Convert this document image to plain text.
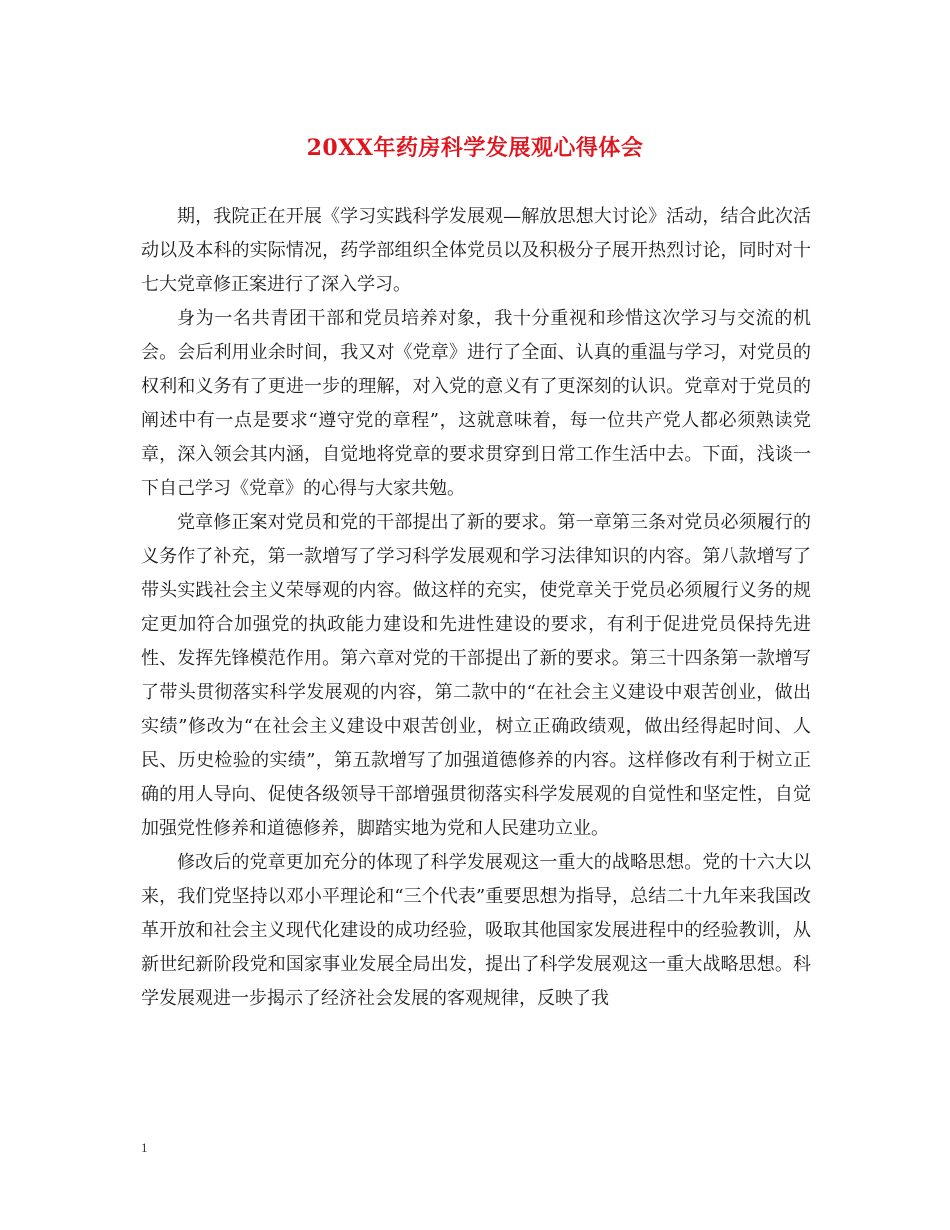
20XX年药房科学发展观心得体会

期，我院正在开展《学习实践科学发展观—解放思想大讨论》活动，结合此次活动以及本科的实际情况，药学部组织全体党员以及积极分子展开热烈讨论，同时对十七大党章修正案进行了深入学习。

身为一名共青团干部和党员培养对象，我十分重视和珍惜这次学习与交流的机会。会后利用业余时间，我又对《党章》进行了全面、认真的重温与学习，对党员的权利和义务有了更进一步的理解，对入党的意义有了更深刻的认识。党章对于党员的阐述中有一点是要求“遵守党的章程”，这就意味着，每一位共产党人都必须熟读党章，深入领会其内涵，自觉地将党章的要求贯穿到日常工作生活中去。下面，浅谈一下自己学习《党章》的心得与大家共勉。

党章修正案对党员和党的干部提出了新的要求。第一章第三条对党员必须履行的义务作了补充，第一款增写了学习科学发展观和学习法律知识的内容。第八款增写了带头实践社会主义荣辱观的内容。做这样的充实，使党章关于党员必须履行义务的规定更加符合加强党的执政能力建设和先进性建设的要求，有利于促进党员保持先进性、发挥先锋模范作用。第六章对党的干部提出了新的要求。第三十四条第一款增写了带头贯彻落实科学发展观的内容，第二款中的“在社会主义建设中艰苦创业，做出实绩”修改为“在社会主义建设中艰苦创业，树立正确政绩观，做出经得起时间、人民、历史检验的实绩”，第五款增写了加强道德修养的内容。这样修改有利于树立正确的用人导向、促使各级领导干部增强贯彻落实科学发展观的自觉性和坚定性，自觉加强党性修养和道德修养，脚踏实地为党和人民建功立业。

修改后的党章更加充分的体现了科学发展观这一重大的战略思想。党的十六大以来，我们党坚持以邓小平理论和“三个代表”重要思想为指导，总结二十九年来我国改革开放和社会主义现代化建设的成功经验，吸取其他国家发展进程中的经验教训，从新世纪新阶段党和国家事业发展全局出发，提出了科学发展观这一重大战略思想。科学发展观进一步揭示了经济社会发展的客观规律，反映了我

1
